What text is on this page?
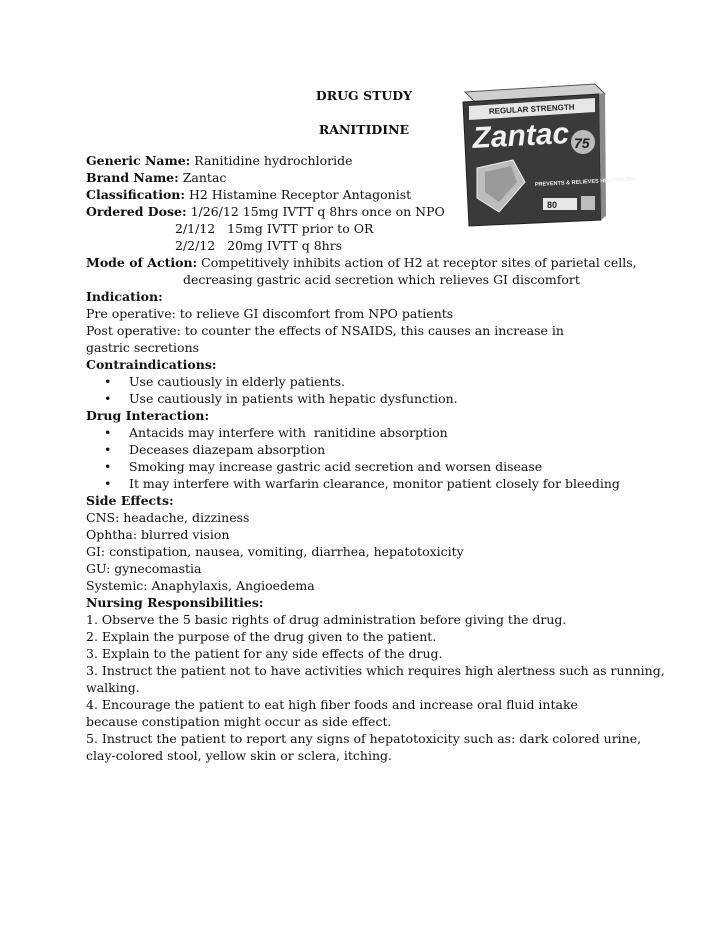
DRUG STUDY
RANITIDINE
REGULAR STRENGTH
Zantac 75
PREVENTS & RELIEVES HEARTBURN
80
Generic Name: Ranitidine hydrochloride
Brand Name: Zantac
Classification: H2 Histamine Receptor Antagonist
Ordered Dose: 1/26/12 15mg IVTT q 8hrs once on NPO
2/1/12   15mg IVTT prior to OR
2/2/12   20mg IVTT q 8hrs
Mode of Action: Competitively inhibits action of H2 at receptor sites of parietal cells,
decreasing gastric acid secretion which relieves GI discomfort
Indication:
Pre operative: to relieve GI discomfort from NPO patients
Post operative: to counter the effects of NSAIDS, this causes an increase in gastric secretions
Contraindications:
• Use cautiously in elderly patients.
• Use cautiously in patients with hepatic dysfunction.
Drug Interaction:
• Antacids may interfere with  ranitidine absorption
• Deceases diazepam absorption
• Smoking may increase gastric acid secretion and worsen disease
• It may interfere with warfarin clearance, monitor patient closely for bleeding
Side Effects:
CNS: headache, dizziness
Ophtha: blurred vision
GI: constipation, nausea, vomiting, diarrhea, hepatotoxicity
GU: gynecomastia
Systemic: Anaphylaxis, Angioedema
Nursing Responsibilities:
1. Observe the 5 basic rights of drug administration before giving the drug.
2. Explain the purpose of the drug given to the patient.
3. Explain to the patient for any side effects of the drug.
3. Instruct the patient not to have activities which requires high alertness such as running, walking.
4. Encourage the patient to eat high fiber foods and increase oral fluid intake because constipation might occur as side effect.
5. Instruct the patient to report any signs of hepatotoxicity such as: dark colored urine, clay-colored stool, yellow skin or sclera, itching.
